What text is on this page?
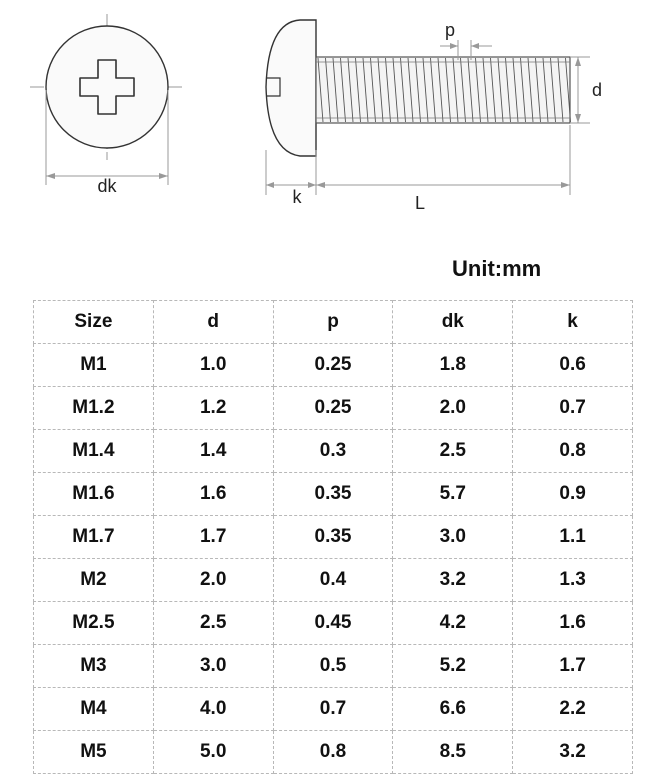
dk
p
d
k	L
Unit:mm
Size	d	p	dk	k
M1	1.0	0.25	1.8	0.6
M1.2	1.2	0.25	2.0	0.7
M1.4	1.4	0.3	2.5	0.8
M1.6	1.6	0.35	5.7	0.9
M1.7	1.7	0.35	3.0	1.1
M2	2.0	0.4	3.2	1.3
M2.5	2.5	0.45	4.2	1.6
M3	3.0	0.5	5.2	1.7
M4	4.0	0.7	6.6	2.2
M5	5.0	0.8	8.5	3.2
